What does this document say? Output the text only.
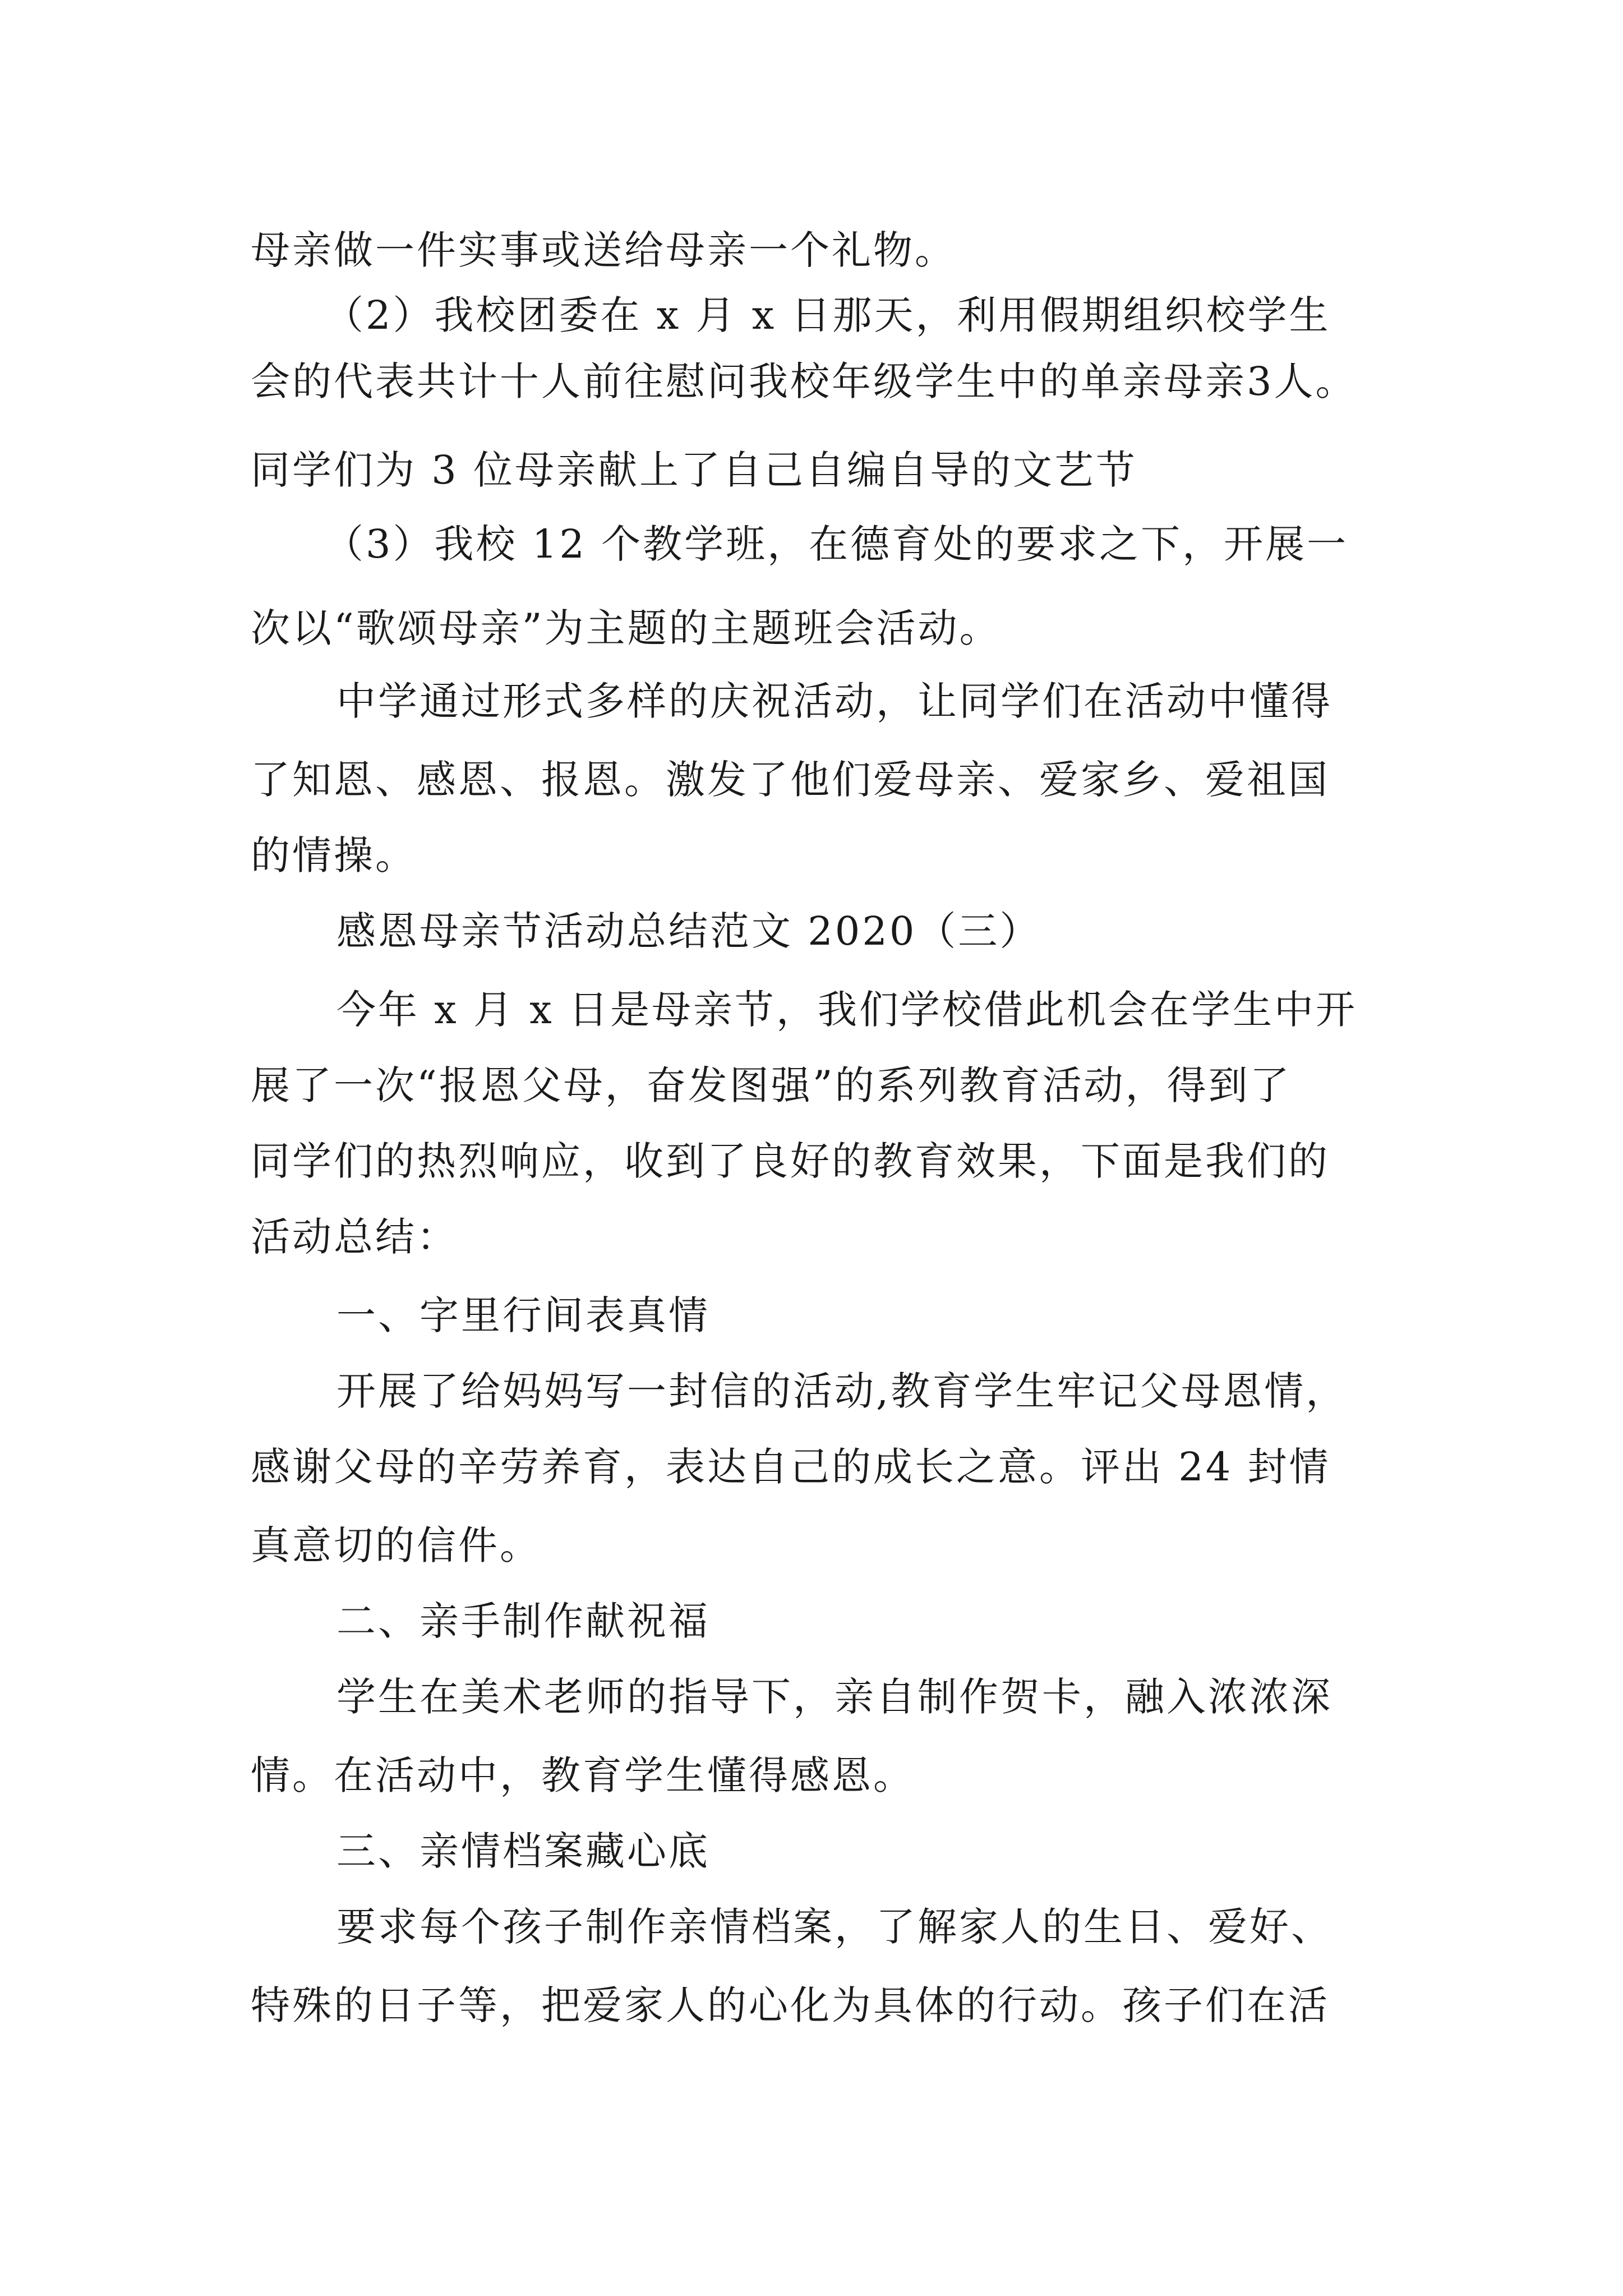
母亲做一件实事或送给母亲一个礼物。
（2）我校团委在 x 月 x 日那天，利用假期组织校学生
会的代表共计十人前往慰问我校年级学生中的单亲母亲3人。
同学们为 3 位母亲献上了自己自编自导的文艺节
（3）我校 12 个教学班，在德育处的要求之下，开展一
次以“歌颂母亲”为主题的主题班会活动。
中学通过形式多样的庆祝活动，让同学们在活动中懂得
了知恩、感恩、报恩。激发了他们爱母亲、爱家乡、爱祖国
的情操。
感恩母亲节活动总结范文 2020（三）
今年 x 月 x 日是母亲节，我们学校借此机会在学生中开
展了一次“报恩父母，奋发图强”的系列教育活动，得到了
同学们的热烈响应，收到了良好的教育效果，下面是我们的
活动总结：
一、字里行间表真情
开展了给妈妈写一封信的活动,教育学生牢记父母恩情，
感谢父母的辛劳养育，表达自己的成长之意。评出 24 封情
真意切的信件。
二、亲手制作献祝福
学生在美术老师的指导下，亲自制作贺卡，融入浓浓深
情。在活动中，教育学生懂得感恩。
三、亲情档案藏心底
要求每个孩子制作亲情档案，了解家人的生日、爱好、
特殊的日子等，把爱家人的心化为具体的行动。孩子们在活
